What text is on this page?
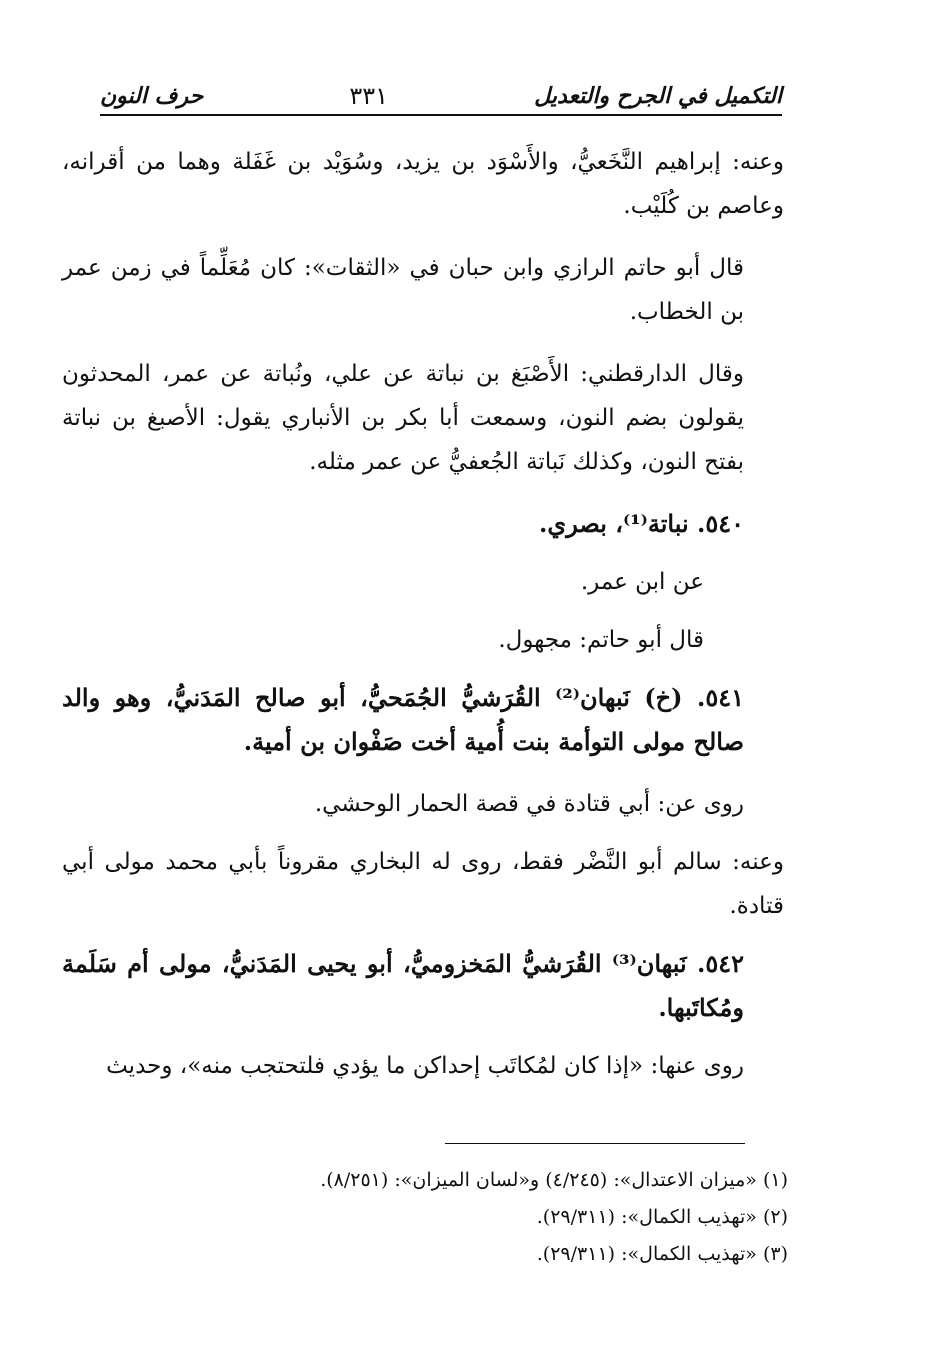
التكميل في الجرح والتعديل
٣٣١
حرف النون

وعنه: إبراهيم النَّخَعيُّ، والأَسْوَد بن يزيد، وسُوَيْد بن غَفَلة وهما من أقرانه، وعاصم بن كُلَيْب.

قال أبو حاتم الرازي وابن حبان في «الثقات»: كان مُعَلِّماً في زمن عمر بن الخطاب.

وقال الدارقطني: الأَصْبَغ بن نباتة عن علي، ونُباتة عن عمر، المحدثون يقولون بضم النون، وسمعت أبا بكر بن الأنباري يقول: الأصبغ بن نباتة بفتح النون، وكذلك نَباتة الجُعفيُّ عن عمر مثله.

٥٤٠. نباتة⁽¹⁾، بصري.

عن ابن عمر.

قال أبو حاتم: مجهول.

٥٤١. (خ) نَبهان⁽²⁾ القُرَشيُّ الجُمَحيُّ، أبو صالح المَدَنيُّ، وهو والد صالح مولى التوأمة بنت أُمية أخت صَفْوان بن أمية.

روى عن: أبي قتادة في قصة الحمار الوحشي.

وعنه: سالم أبو النَّضْر فقط، روى له البخاري مقروناً بأبي محمد مولى أبي قتادة.

٥٤٢. نَبهان⁽³⁾ القُرَشيُّ المَخزوميُّ، أبو يحيى المَدَنيُّ، مولى أم سَلَمة ومُكاتَبها.

روى عنها: «إذا كان لمُكاتَب إحداكن ما يؤدي فلتحتجب منه»، وحديث

(١) «ميزان الاعتدال»: (٤/٢٤٥) و«لسان الميزان»: (٨/٢٥١).
(٢) «تهذيب الكمال»: (٢٩/٣١١).
(٣) «تهذيب الكمال»: (٢٩/٣١١).
